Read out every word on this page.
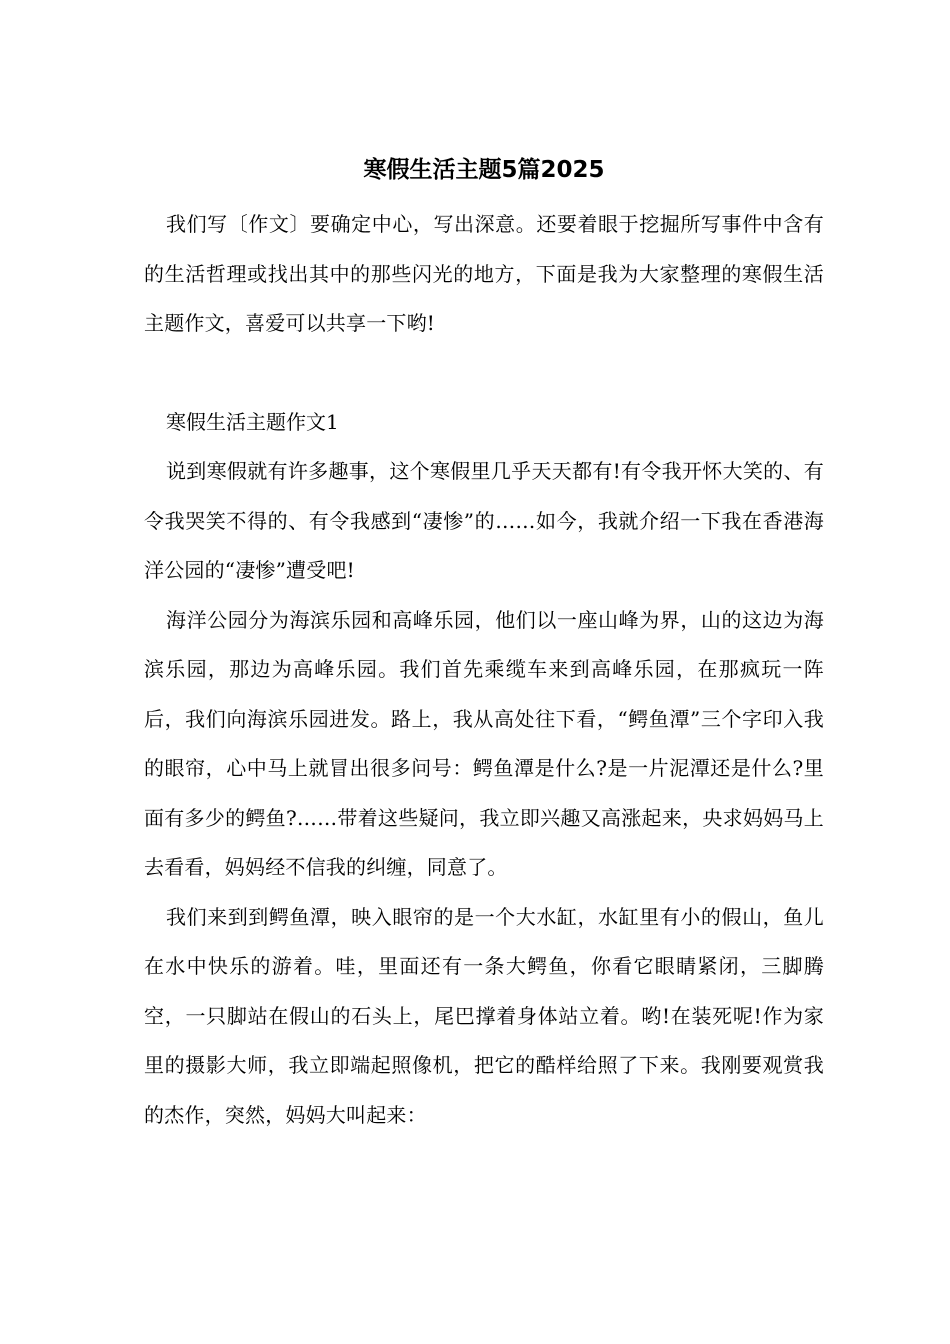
寒假生活主题5篇2025

我们写〔作文〕要确定中心，写出深意。还要着眼于挖掘所写事件中含有的生活哲理或找出其中的那些闪光的地方，下面是我为大家整理的寒假生活主题作文，喜爱可以共享一下哟!

寒假生活主题作文1

说到寒假就有许多趣事，这个寒假里几乎天天都有!有令我开怀大笑的、有令我哭笑不得的、有令我感到“凄惨”的……如今，我就介绍一下我在香港海洋公园的“凄惨”遭受吧!

海洋公园分为海滨乐园和高峰乐园，他们以一座山峰为界，山的这边为海滨乐园，那边为高峰乐园。我们首先乘缆车来到高峰乐园，在那疯玩一阵后，我们向海滨乐园进发。路上，我从高处往下看，“鳄鱼潭”三个字印入我的眼帘，心中马上就冒出很多问号：鳄鱼潭是什么?是一片泥潭还是什么?里面有多少的鳄鱼?……带着这些疑问，我立即兴趣又高涨起来，央求妈妈马上去看看，妈妈经不信我的纠缠，同意了。

我们来到到鳄鱼潭，映入眼帘的是一个大水缸，水缸里有小的假山，鱼儿在水中快乐的游着。哇，里面还有一条大鳄鱼，你看它眼睛紧闭，三脚腾空，一只脚站在假山的石头上，尾巴撑着身体站立着。哟!在装死呢!作为家里的摄影大师，我立即端起照像机，把它的酷样给照了下来。我刚要观赏我的杰作，突然，妈妈大叫起来：
